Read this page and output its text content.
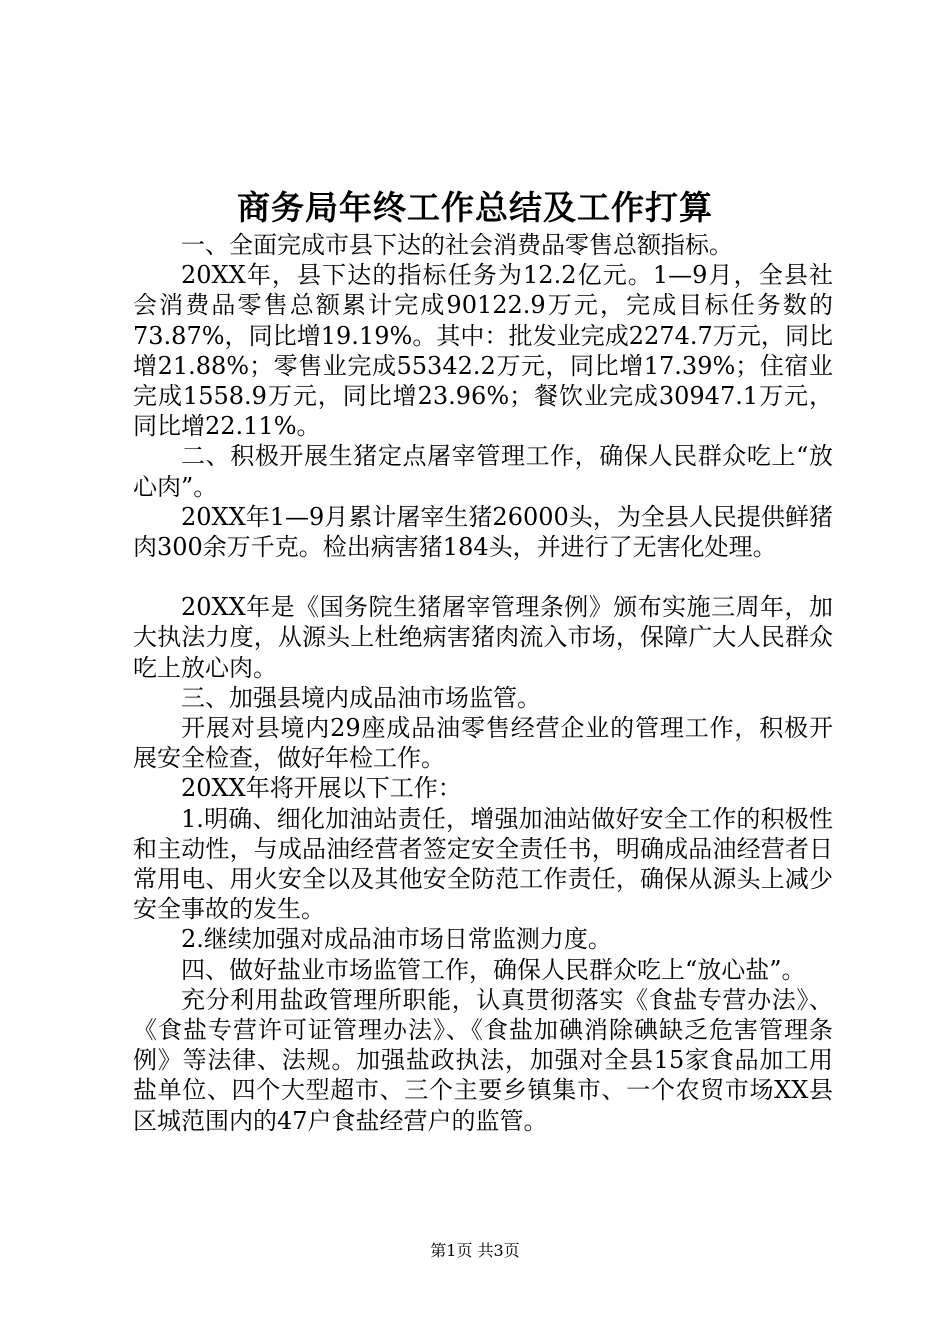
商务局年终工作总结及工作打算

一、全面完成市县下达的社会消费品零售总额指标。

20XX年，县下达的指标任务为12.2亿元。1—9月，全县社会消费品零售总额累计完成90122.9万元，完成目标任务数的73.87%，同比增19.19%。其中：批发业完成2274.7万元，同比增21.88%；零售业完成55342.2万元，同比增17.39%；住宿业完成1558.9万元，同比增23.96%；餐饮业完成30947.1万元，同比增22.11%。

二、积极开展生猪定点屠宰管理工作，确保人民群众吃上“放心肉”。

20XX年1—9月累计屠宰生猪26000头，为全县人民提供鲜猪肉300余万千克。检出病害猪184头，并进行了无害化处理。

20XX年是《国务院生猪屠宰管理条例》颁布实施三周年，加大执法力度，从源头上杜绝病害猪肉流入市场，保障广大人民群众吃上放心肉。

三、加强县境内成品油市场监管。

开展对县境内29座成品油零售经营企业的管理工作，积极开展安全检查，做好年检工作。

20XX年将开展以下工作：

1.明确、细化加油站责任，增强加油站做好安全工作的积极性和主动性，与成品油经营者签定安全责任书，明确成品油经营者日常用电、用火安全以及其他安全防范工作责任，确保从源头上减少安全事故的发生。

2.继续加强对成品油市场日常监测力度。

四、做好盐业市场监管工作，确保人民群众吃上“放心盐”。

充分利用盐政管理所职能，认真贯彻落实《食盐专营办法》、《食盐专营许可证管理办法》、《食盐加碘消除碘缺乏危害管理条例》等法律、法规。加强盐政执法，加强对全县15家食品加工用盐单位、四个大型超市、三个主要乡镇集市、一个农贸市场XX县区城范围内的47户食盐经营户的监管。

第1页 共3页
